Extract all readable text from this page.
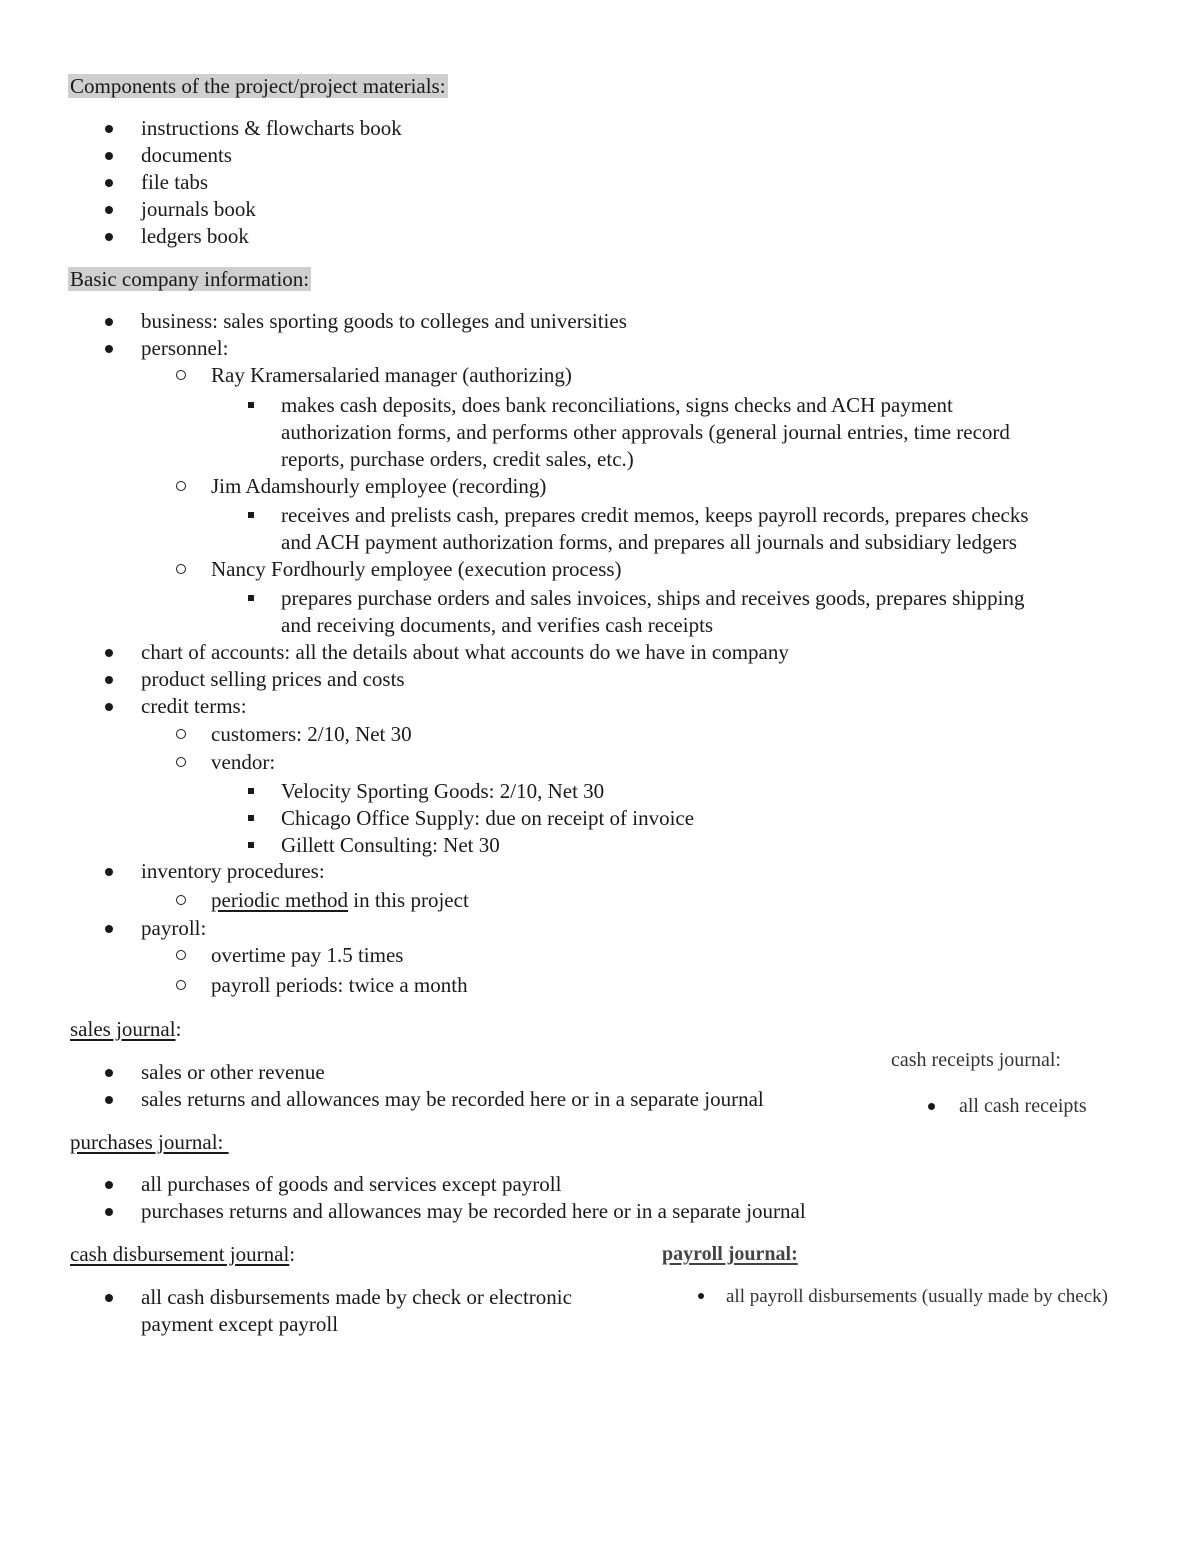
Components of the project/project materials:
instructions & flowcharts book
documents
file tabs
journals book
ledgers book
Basic company information:
business: sales sporting goods to colleges and universities
personnel:
Ray Kramersalaried manager (authorizing)
makes cash deposits, does bank reconciliations, signs checks and ACH payment
authorization forms, and performs other approvals (general journal entries, time record
reports, purchase orders, credit sales, etc.)
Jim Adamshourly employee (recording)
receives and prelists cash, prepares credit memos, keeps payroll records, prepares checks
and ACH payment authorization forms, and prepares all journals and subsidiary ledgers
Nancy Fordhourly employee (execution process)
prepares purchase orders and sales invoices, ships and receives goods, prepares shipping
and receiving documents, and verifies cash receipts
chart of accounts: all the details about what accounts do we have in company
product selling prices and costs
credit terms:
customers: 2/10, Net 30
vendor:
Velocity Sporting Goods: 2/10, Net 30
Chicago Office Supply: due on receipt of invoice
Gillett Consulting: Net 30
inventory procedures:
periodic method in this project
payroll:
overtime pay 1.5 times
payroll periods: twice a month
sales journal:
sales or other revenue
sales returns and allowances may be recorded here or in a separate journal
cash receipts journal:
all cash receipts
purchases journal:
all purchases of goods and services except payroll
purchases returns and allowances may be recorded here or in a separate journal
cash disbursement journal:
all cash disbursements made by check or electronic
payment except payroll
payroll journal:
all payroll disbursements (usually made by check)
